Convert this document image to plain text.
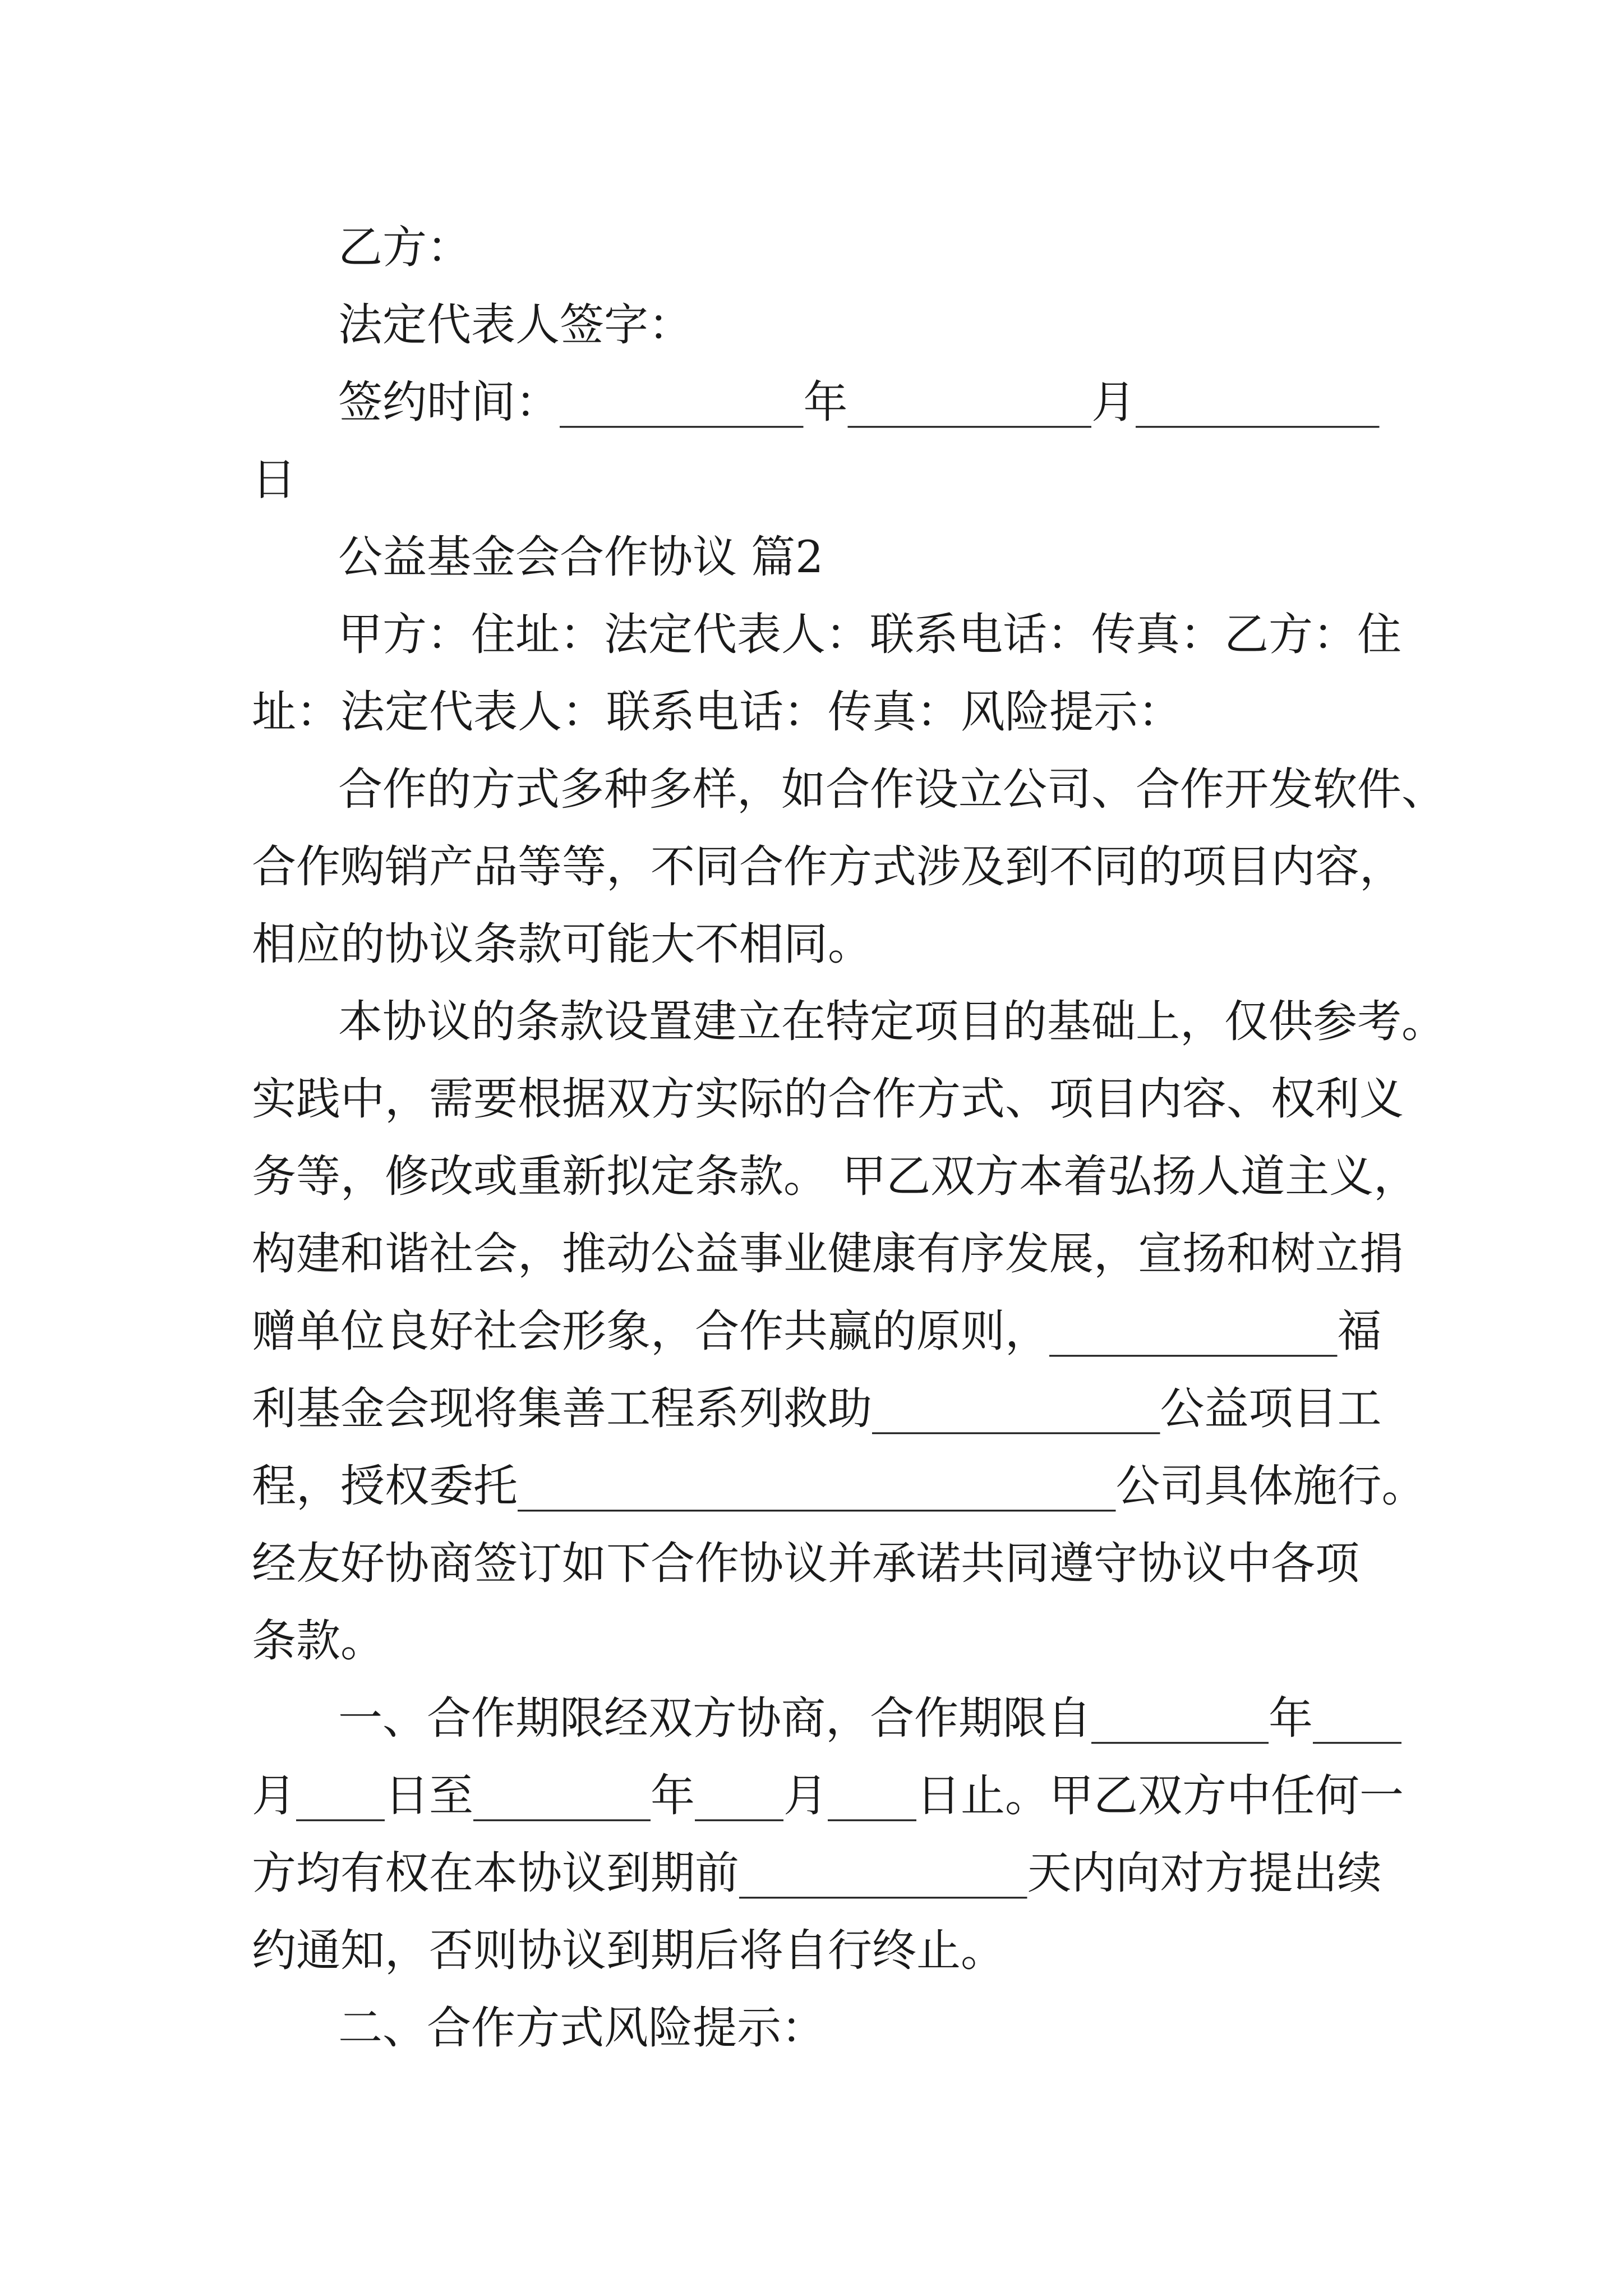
乙方：
法定代表人签字：
签约时间：___________年___________月___________
日
公益基金会合作协议 篇2
甲方：住址：法定代表人：联系电话：传真：乙方：住
址：法定代表人：联系电话：传真：风险提示：
合作的方式多种多样，如合作设立公司、合作开发软件、
合作购销产品等等，不同合作方式涉及到不同的项目内容，
相应的协议条款可能大不相同。
本协议的条款设置建立在特定项目的基础上，仅供参考。
实践中，需要根据双方实际的合作方式、项目内容、权利义
务等，修改或重新拟定条款。 甲乙双方本着弘扬人道主义，
构建和谐社会，推动公益事业健康有序发展，宣扬和树立捐
赠单位良好社会形象，合作共赢的原则，_____________福
利基金会现将集善工程系列救助_____________公益项目工
程，授权委托___________________________公司具体施行。
经友好协商签订如下合作协议并承诺共同遵守协议中各项
条款。
一、合作期限经双方协商，合作期限自________年____
月____日至________年____月____日止。甲乙双方中任何一
方均有权在本协议到期前_____________天内向对方提出续
约通知，否则协议到期后将自行终止。
二、合作方式风险提示：
